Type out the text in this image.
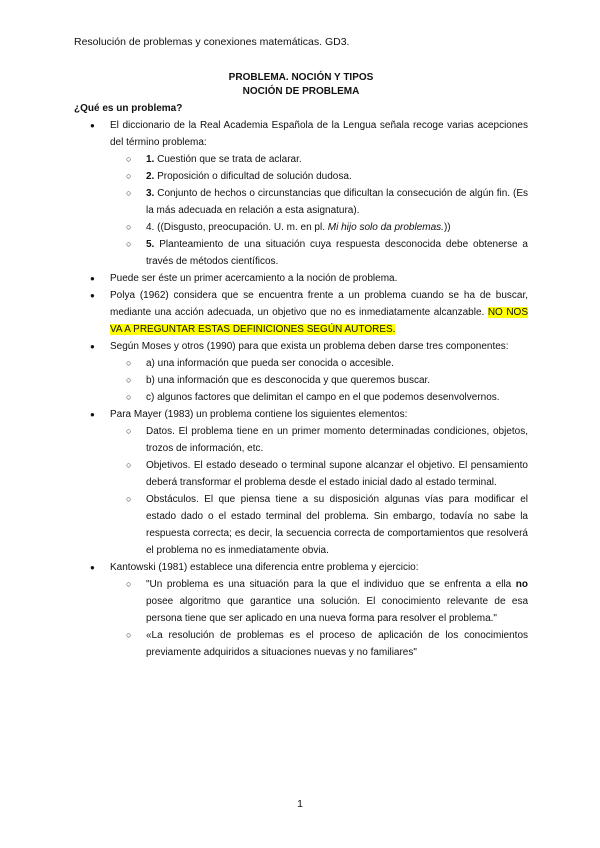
Resolución de problemas y conexiones matemáticas. GD3.
PROBLEMA. NOCIÓN Y TIPOS
NOCIÓN DE PROBLEMA

¿Qué es un problema?

● El diccionario de la Real Academia Española de la Lengua señala recoge varias acepciones del término problema:
○ 1. Cuestión que se trata de aclarar.
○ 2. Proposición o dificultad de solución dudosa.
○ 3. Conjunto de hechos o circunstancias que dificultan la consecución de algún fin. (Es la más adecuada en relación a esta asignatura).
○ 4. ((Disgusto, preocupación. U. m. en pl. Mi hijo solo da problemas.))
○ 5. Planteamiento de una situación cuya respuesta desconocida debe obtenerse a través de métodos científicos.
● Puede ser éste un primer acercamiento a la noción de problema.
● Polya (1962) considera que se encuentra frente a un problema cuando se ha de buscar, mediante una acción adecuada, un objetivo que no es inmediatamente alcanzable. NO NOS VA A PREGUNTAR ESTAS DEFINICIONES SEGÚN AUTORES.
● Según Moses y otros (1990) para que exista un problema deben darse tres componentes:
○ a) una información que pueda ser conocida o accesible.
○ b) una información que es desconocida y que queremos buscar.
○ c) algunos factores que delimitan el campo en el que podemos desenvolvernos.
● Para Mayer (1983) un problema contiene los siguientes elementos:
○ Datos. El problema tiene en un primer momento determinadas condiciones, objetos, trozos de información, etc.
○ Objetivos. El estado deseado o terminal supone alcanzar el objetivo. El pensamiento deberá transformar el problema desde el estado inicial dado al estado terminal.
○ Obstáculos. El que piensa tiene a su disposición algunas vías para modificar el estado dado o el estado terminal del problema. Sin embargo, todavía no sabe la respuesta correcta; es decir, la secuencia correcta de comportamientos que resolverá el problema no es inmediatamente obvia.
● Kantowski (1981) establece una diferencia entre problema y ejercicio:
○ "Un problema es una situación para la que el individuo que se enfrenta a ella no posee algoritmo que garantice una solución. El conocimiento relevante de esa persona tiene que ser aplicado en una nueva forma para resolver el problema."
○ «La resolución de problemas es el proceso de aplicación de los conocimientos previamente adquiridos a situaciones nuevas y no familiares"
1
